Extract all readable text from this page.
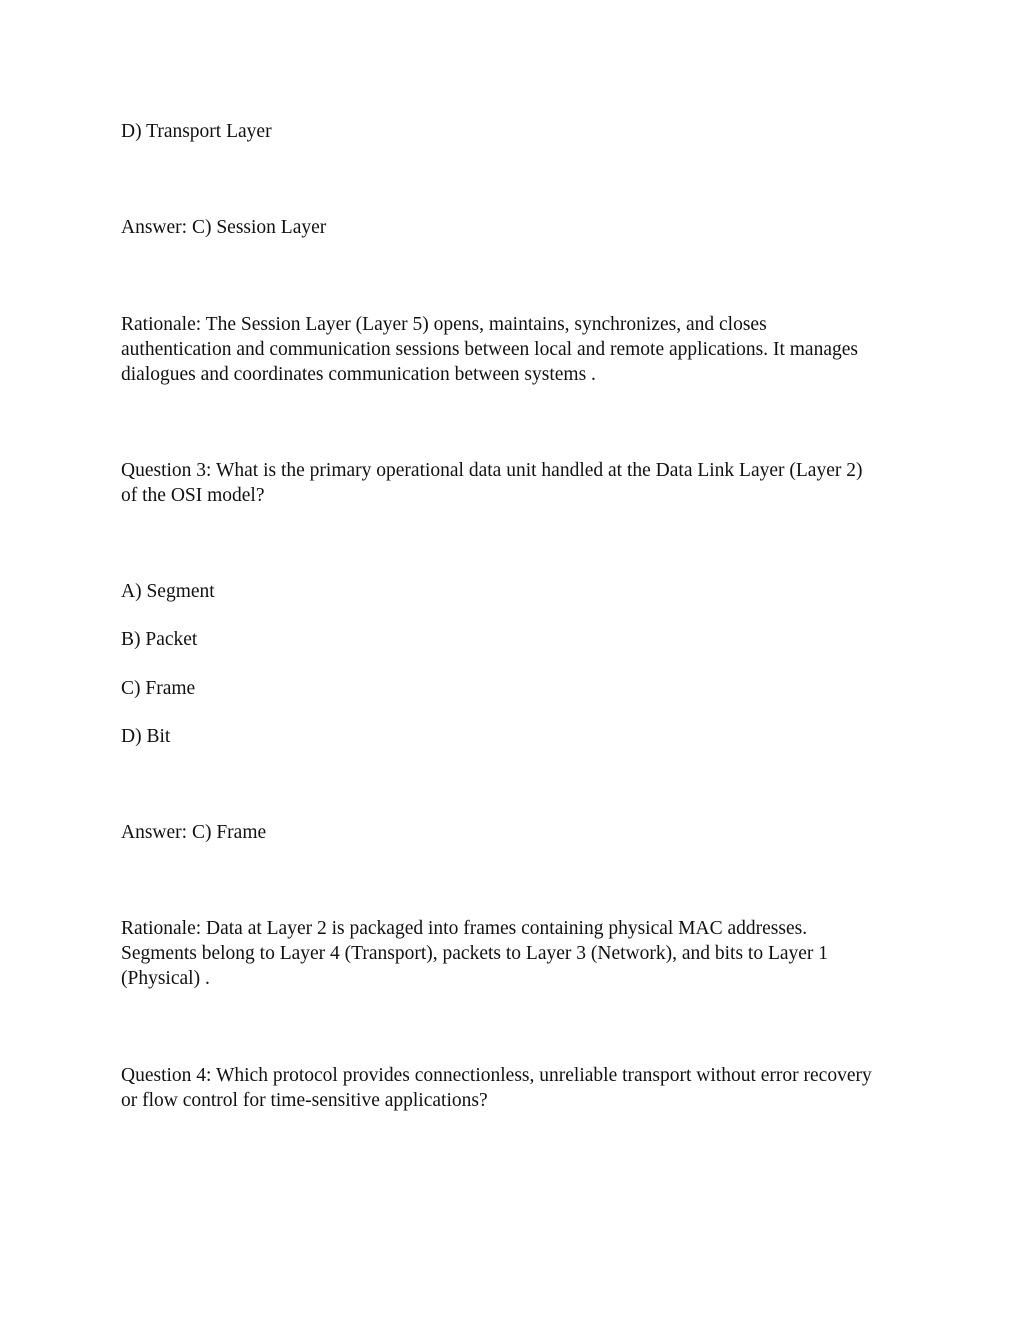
D) Transport Layer

Answer: C) Session Layer

Rationale: The Session Layer (Layer 5) opens, maintains, synchronizes, and closes

authentication and communication sessions between local and remote applications. It manages

dialogues and coordinates communication between systems .

Question 3: What is the primary operational data unit handled at the Data Link Layer (Layer 2)

of the OSI model?

A) Segment

B) Packet

C) Frame

D) Bit

Answer: C) Frame

Rationale: Data at Layer 2 is packaged into frames containing physical MAC addresses.

Segments belong to Layer 4 (Transport), packets to Layer 3 (Network), and bits to Layer 1

(Physical) .

Question 4: Which protocol provides connectionless, unreliable transport without error recovery

or flow control for time-sensitive applications?
